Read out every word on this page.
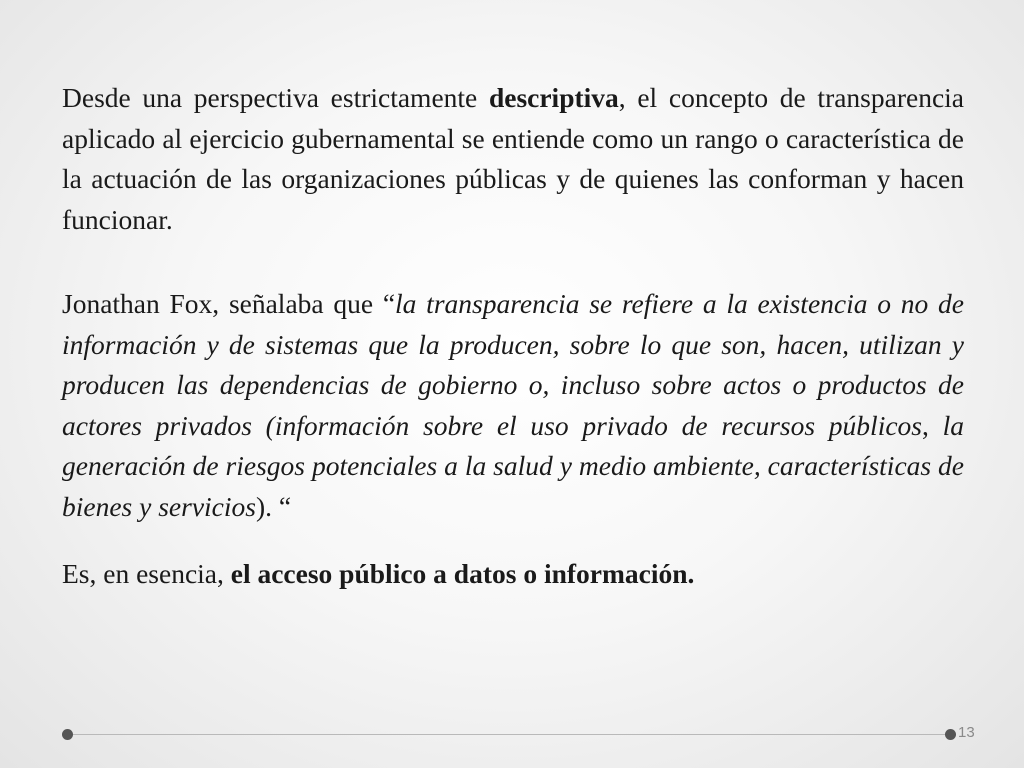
Desde una perspectiva estrictamente descriptiva, el concepto de transparencia aplicado al ejercicio gubernamental se entiende como un rango o característica de la actuación de las organizaciones públicas y de quienes las conforman y hacen funcionar.

Jonathan Fox, señalaba que “la transparencia se refiere a la existencia o no de información y de sistemas que la producen, sobre lo que son, hacen, utilizan y producen las dependencias de gobierno o, incluso sobre actos o productos de actores privados (información sobre el uso privado de recursos públicos, la generación de riesgos potenciales a la salud y medio ambiente, características de bienes y servicios). “

Es, en esencia, el acceso público a datos o información.

13
